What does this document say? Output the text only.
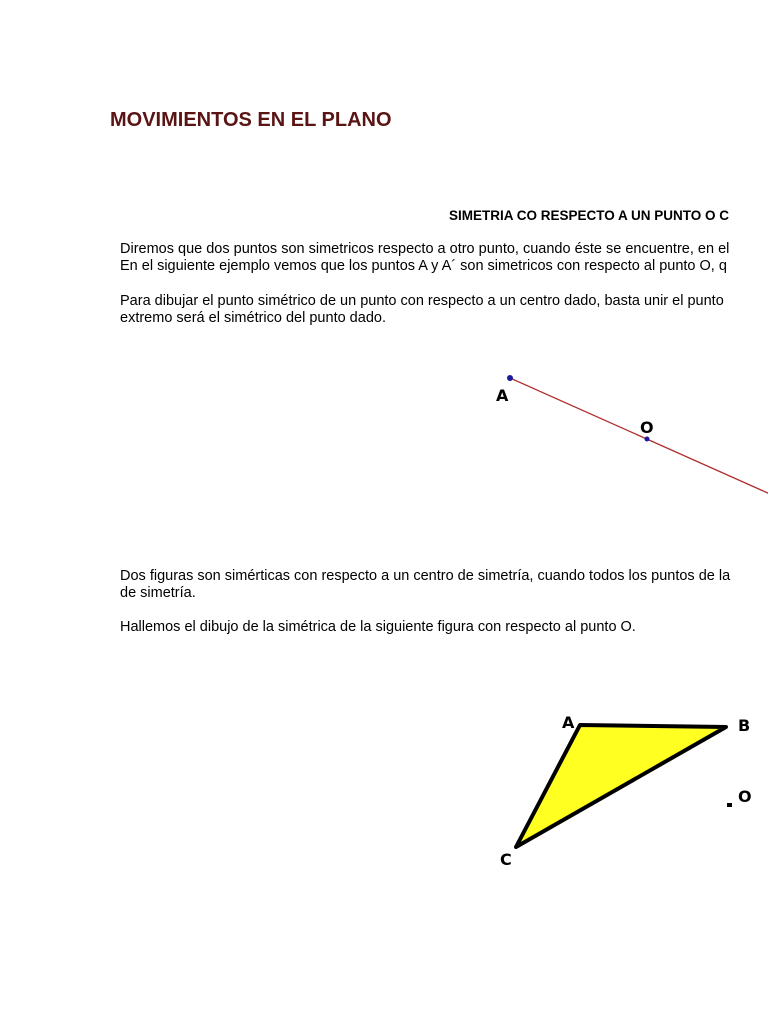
MOVIMIENTOS EN EL PLANO
SIMETRIA CO RESPECTO A UN PUNTO O C
Diremos que dos puntos son simetricos respecto a otro punto, cuando éste se encuentre, en el
En el siguiente ejemplo vemos que los puntos A y A´ son simetricos con respecto al punto O, q
Para dibujar el punto simétrico de un punto con respecto a un centro dado, basta unir el punto
extremo será el simétrico del punto dado.
A
O
Dos figuras son simérticas con respecto a un centro de simetría, cuando todos los puntos de la
de simetría.
Hallemos el dibujo de la simétrica de la siguiente figura con respecto al punto O.
A	B
C
O
